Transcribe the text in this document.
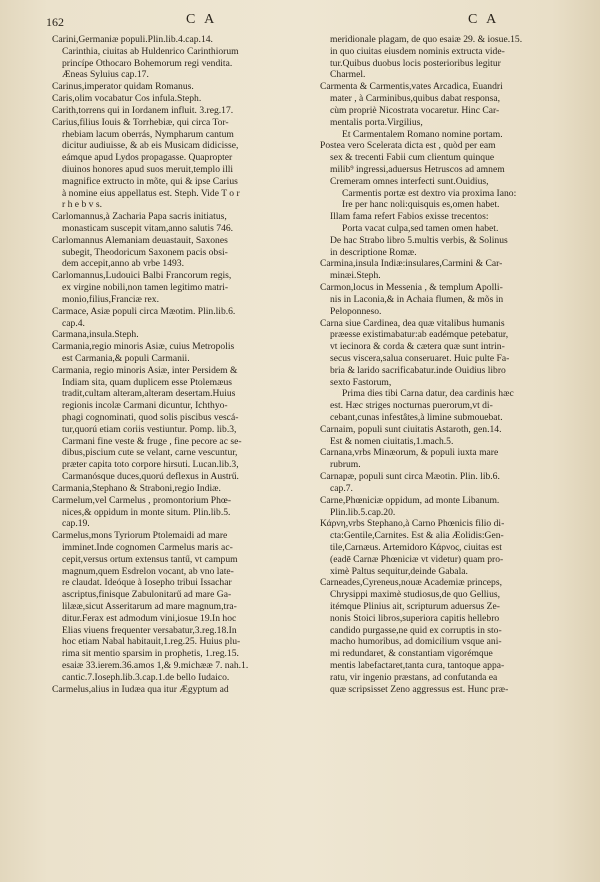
162	C A	C A
Carini,Germaniæ populi.Plin.lib.4.cap.14.
Carinthia, ciuitas ab Huldenrico Carinthiorum
princípe Othocaro Bohemorum regi vendita.
Æneas Syluius cap.17.
Carinus,imperator quidam Romanus.
Caris,olim vocabatur Cos infula.Steph.
Carith,torrens qui in Iordanem influit. 3.reg.17.
Carius,filius Iouis & Torrhebiæ, qui circa Tor-
rhebiam lacum oberrás, Nympharum cantum
dicitur audiuisse, & ab eis Musicam didicisse,
eámque apud Lydos propagasse. Quapropter
diuinos honores apud suos meruit,templo illi
magnifice extructo in mõte, qui & ipse Carius
à nomine eius appellatus est. Steph. Vide T o r
r h e b v s.
Carlomannus,à Zacharia Papa sacris initiatus,
monasticam suscepit vitam,anno salutis 746.
Carlomannus Alemaniam deuastauit, Saxones
subegit, Theodoricum Saxonem pacis obsi-
dem accepit,anno ab vrbe 1493.
Carlomannus,Ludouici Balbi Francorum regis,
ex virgine nobili,non tamen legitimo matri-
monio,filius,Franciæ rex.
Carmace, Asiæ populi circa Mæotim. Plin.lib.6.
cap.4.
Carmana,insula.Steph.
Carmania,regio minoris Asiæ, cuius Metropolis
est Carmania,& populi Carmanii.
Carmania, regio minoris Asiæ, inter Persidem &
Indiam sita, quam duplicem esse Ptolemæus
tradit,cultam alteram,alteram desertam.Huius
regionis incolæ Carmani dicuntur, Ichthyo-
phagi cognominati, quod solis piscibus vescá-
tur,quorú etiam coriis vestiuntur. Pomp. lib.3,
Carmani fine veste & fruge , fine pecore ac se-
dibus,piscium cute se velant, carne vescuntur,
præter capita toto corpore hirsuti. Lucan.lib.3,
Carmanósque duces,quorú deflexus in Austrű.
Carmania,Stephano & Straboni,regio Indiæ.
Carmelum,vel Carmelus , promontorium Phœ-
nices,& oppidum in monte situm. Plin.lib.5.
cap.19.
Carmelus,mons Tyriorum Ptolemaidi ad mare
imminet.Inde cognomen Carmelus maris ac-
cepit,versus ortum extensus tantű, vt campum
magnum,quem Esdrelon vocant, ab vno late-
re claudat. Ideóque à Iosepho tribui Issachar
ascriptus,finisque Zabulonitarű ad mare Ga-
lilææ,sicut Asseritarum ad mare magnum,tra-
ditur.Ferax est admodum vini,iosue 19.In hoc
Elias viuens frequenter versabatur,3.reg.18.In
hoc etiam Nabal habitauit,1.reg.25. Huius plu-
rima sit mentio sparsim in prophetis, 1.reg.15.
esaiæ 33.ierem.36.amos 1,& 9.michææ 7. nah.1.
cantic.7.Ioseph.lib.3.cap.1.de bello Iudaico.
Carmelus,alius in Iudæa qua itur Ægyptum ad
meridionale plagam, de quo esaiæ 29. & iosue.15.
in quo ciuitas eiusdem nominis extructa vide-
tur.Quibus duobus locis posterioribus legitur
Charmel.
Carmenta & Carmentis,vates Arcadica, Euandri
mater , à Carminibus,quibus dabat responsa,
cùm propriè Nicostrata vocaretur. Hinc Car-
mentalis porta.Virgilius,
Et Carmentalem Romano nomine portam.
Postea vero Scelerata dicta est , quòd per eam
sex & trecenti Fabii cum clientum quinque
milib⁹ ingressi,aduersus Hetruscos ad amnem
Cremeram omnes interfecti sunt.Ouidius,
Carmentis portæ est dextro via proxima Iano:
Ire per hanc noli:quisquis es,omen habet.
Illam fama refert Fabios exisse trecentos:
Porta vacat culpa,sed tamen omen habet.
De hac Strabo libro 5.multis verbis, & Solinus
in descriptione Romæ.
Carmina,insula Indiæ:insulares,Carmini & Car-
minæi.Steph.
Carmon,locus in Messenia , & templum Apolli-
nis in Laconia,& in Achaia flumen, & mõs in
Peloponneso.
Carna siue Cardinea, dea quæ vitalibus humanis
præesse existimabatur:ab eadémque petebatur,
vt iecinora & corda & cætera quæ sunt intrin-
secus viscera,salua conseruaret. Huic pulte Fa-
bria & larido sacrificabatur.inde Ouidius libro
sexto Fastorum,
Prima dies tibi Carna datur, dea cardinis hæc
est. Hæc striges nocturnas puerorum,vt di-
cebant,cunas infestâtes,à limine submouebat.
Carnaim, populi sunt ciuitatis Astaroth, gen.14.
Est & nomen ciuitatis,1.mach.5.
Carnana,vrbs Minæorum, & populi iuxta mare
rubrum.
Carnapæ, populi sunt circa Mæotin. Plin. lib.6.
cap.7.
Carne,Phœniciæ oppidum, ad monte Libanum.
Plin.lib.5.cap.20.
Κάρνη,vrbs Stephano,à Carno Phœnicis filio di-
cta:Gentile,Carnites. Est & alia Æolidis:Gen-
tile,Carnæus. Artemidoro Κάρνος, ciuitas est
(eadē Carnæ Phœniciæ vt videtur) quam pro-
ximè Paltus sequitur,deinde Gabala.
Carneades,Cyreneus,nouæ Academiæ princeps,
Chrysippi maximè studiosus,de quo Gellius,
itémque Plinius ait, scripturum aduersus Ze-
nonis Stoici libros,superiora capitis hellebro
candido purgasse,ne quid ex corruptis in sto-
macho humoribus, ad domicilium vsque ani-
mi redundaret, & constantiam vigorémque
mentis labefactaret,tanta cura, tantoque appa-
ratu, vir ingenio præstans, ad confutanda ea
quæ scripsisset Zeno aggressus est. Hunc præ-
